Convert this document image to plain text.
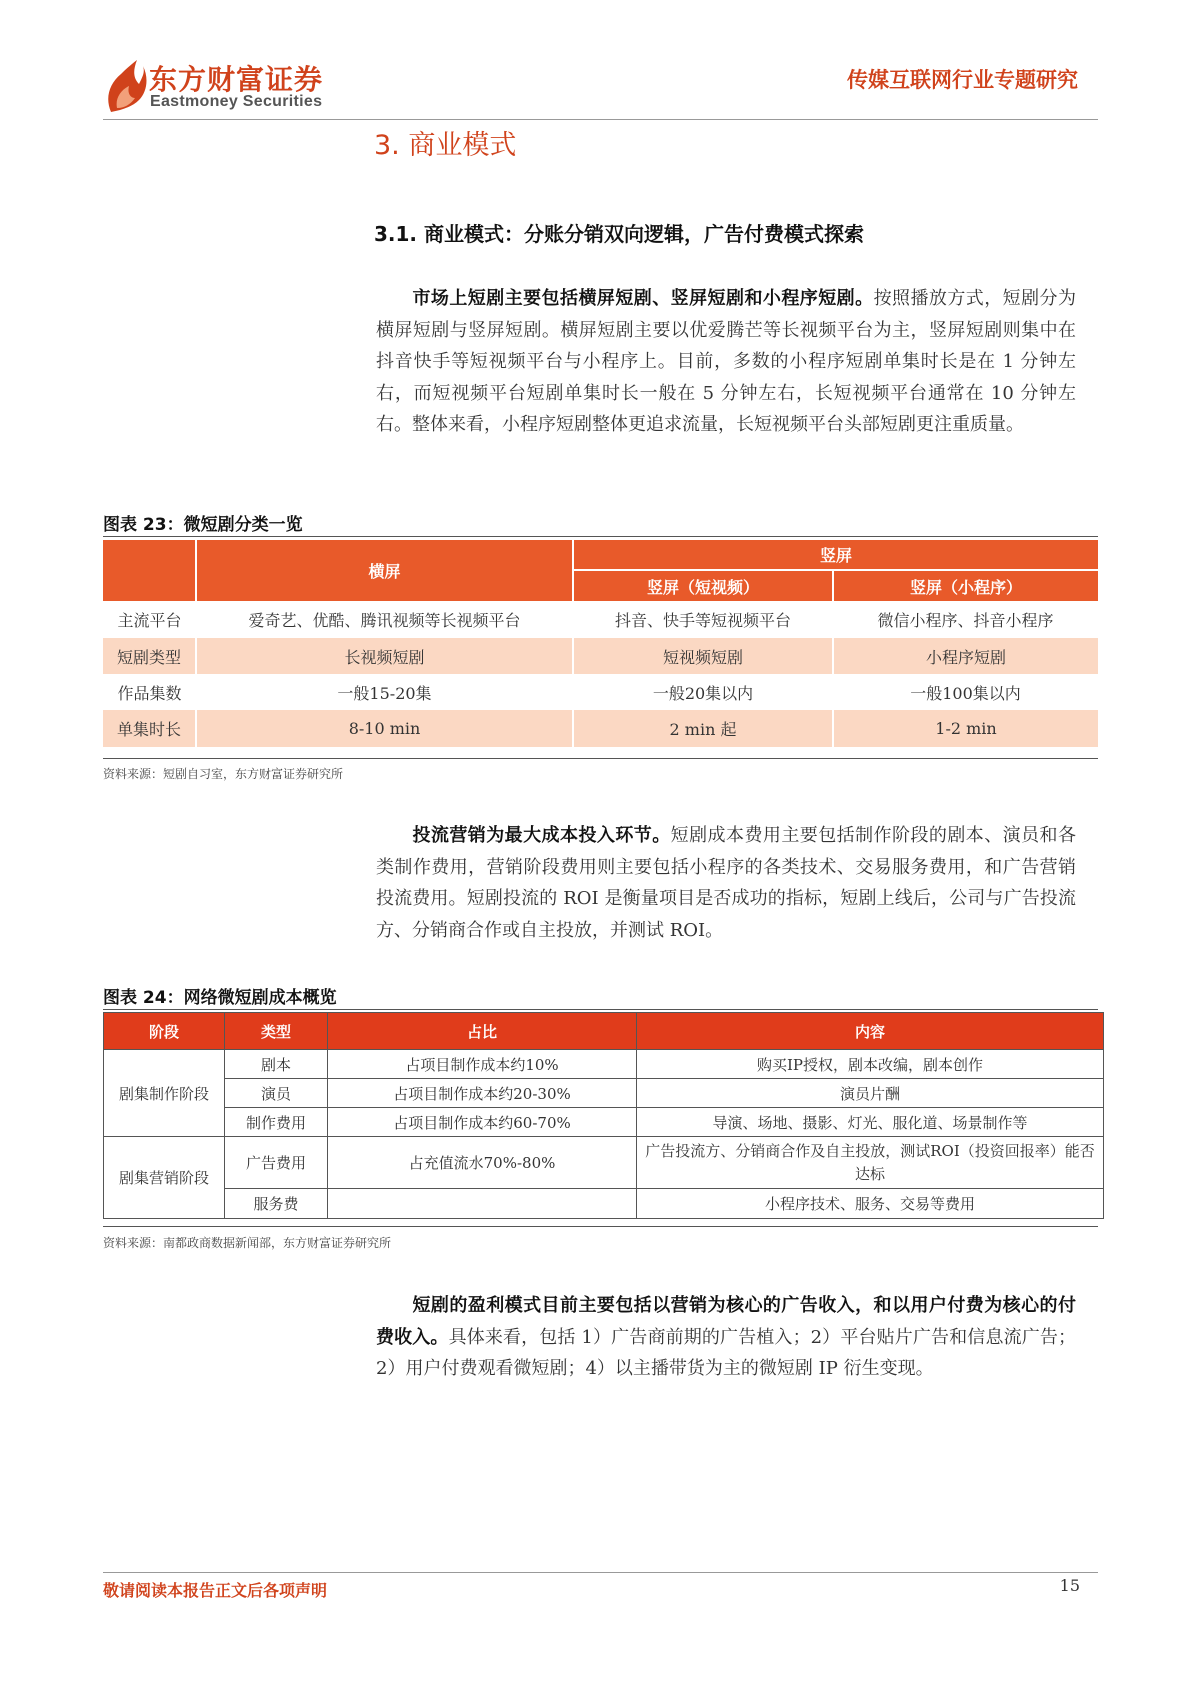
东方财富证券
Eastmoney Securities
传媒互联网行业专题研究
3. 商业模式
3.1. 商业模式：分账分销双向逻辑，广告付费模式探索
市场上短剧主要包括横屏短剧、竖屏短剧和小程序短剧。按照播放方式，短剧分为横屏短剧与竖屏短剧。横屏短剧主要以优爱腾芒等长视频平台为主，竖屏短剧则集中在抖音快手等短视频平台与小程序上。目前，多数的小程序短剧单集时长是在 1 分钟左右，而短视频平台短剧单集时长一般在 5 分钟左右，长短视频平台通常在 10 分钟左右。整体来看，小程序短剧整体更追求流量，长短视频平台头部短剧更注重质量。
图表 23：微短剧分类一览
	横屏	竖屏	
		竖屏（短视频）	竖屏（小程序）
主流平台	爱奇艺、优酷、腾讯视频等长视频平台	抖音、快手等短视频平台	微信小程序、抖音小程序
短剧类型	长视频短剧	短视频短剧	小程序短剧
作品集数	一般15-20集	一般20集以内	一般100集以内
单集时长	8-10 min	2 min 起	1-2 min
资料来源：短剧自习室，东方财富证券研究所
投流营销为最大成本投入环节。短剧成本费用主要包括制作阶段的剧本、演员和各类制作费用，营销阶段费用则主要包括小程序的各类技术、交易服务费用，和广告营销投流费用。短剧投流的 ROI 是衡量项目是否成功的指标，短剧上线后，公司与广告投流方、分销商合作或自主投放，并测试 ROI。
图表 24：网络微短剧成本概览
阶段	类型	占比	内容
剧集制作阶段	剧本	占项目制作成本约10%	购买IP授权，剧本改编，剧本创作
	演员	占项目制作成本约20-30%	演员片酬
	制作费用	占项目制作成本约60-70%	导演、场地、摄影、灯光、服化道、场景制作等
剧集营销阶段	广告费用	占充值流水70%-80%	广告投流方、分销商合作及自主投放，测试ROI（投资回报率）能否达标
	服务费		小程序技术、服务、交易等费用
资料来源：南都政商数据新闻部，东方财富证券研究所
短剧的盈利模式目前主要包括以营销为核心的广告收入，和以用户付费为核心的付费收入。具体来看，包括 1）广告商前期的广告植入；2）平台贴片广告和信息流广告；2）用户付费观看微短剧；4）以主播带货为主的微短剧 IP 衍生变现。
敬请阅读本报告正文后各项声明	15
